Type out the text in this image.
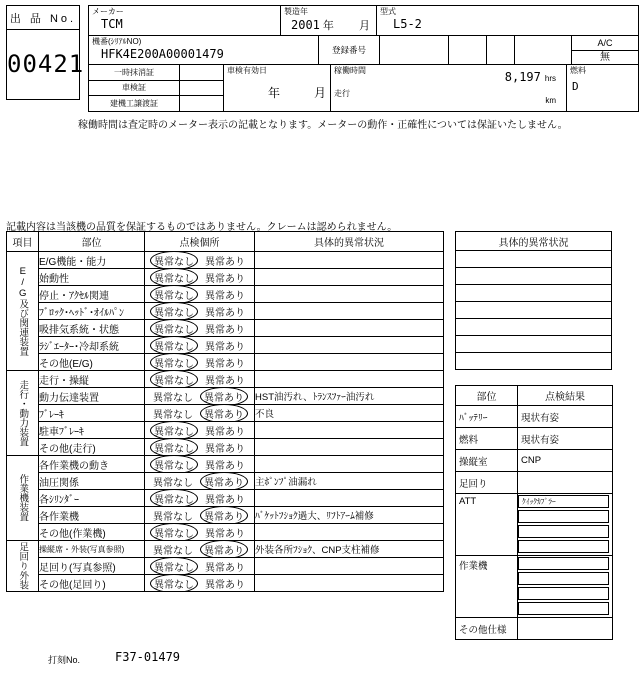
出 品 No.
00421
メーカー
TCM
製造年
2001 年 月
型式
L5-2
機番(ｼﾘｱﾙNO)
HFK4E200A00001479	登録番号
A/C
無
一時抹消証	
車検証	
建機工譲渡証	
車検有効日
年	月
稼働時間	8,197 hrs
走行
km
燃料
D
稼働時間は査定時のメーター表示の記載となります。メーターの動作・正確性については保証いたしません。
記載内容は当該機の品質を保証するものではありません。クレームは認められません。
項目	部位	点検個所	具体的異常状況
E/G及び関連装置	E/G機能・能力	異常なし 異常あり	

	始動性	異常なし 異常あり	

	停止・ｱｸｾﾙ関連	異常なし 異常あり	

	ﾌﾞﾛｯｸ･ﾍｯﾄﾞ･ｵｲﾙﾊﾟﾝ	異常なし 異常あり	

	吸排気系統・状態	異常なし 異常あり	

	ﾗｼﾞｴｰﾀｰ･冷却系統	異常なし 異常あり	

	その他(E/G)	異常なし 異常あり	

走行・動力装置	走行・操縦	異常なし 異常あり	

	動力伝達装置	異常なし 異常あり	HST油汚れ、ﾄﾗﾝｽﾌｧｰ油汚れ
	ﾌﾞﾚｰｷ	異常なし 異常あり	不良
	駐車ﾌﾞﾚｰｷ	異常なし 異常あり	

	その他(走行)	異常なし 異常あり	

作業機装置	各作業機の動き	異常なし 異常あり	

	油圧関係	異常なし 異常あり	主ﾎﾟﾝﾌﾟ油漏れ
	各ｼﾘﾝﾀﾞｰ	異常なし 異常あり	

	各作業機	異常なし 異常あり	ﾊﾞｹｯﾄﾌｼｮｸ過大、ﾘﾌﾄｱｰﾑ補修
	その他(作業機)	異常なし 異常あり	

足回り外装	操縦席・外装(写真参照)	異常なし 異常あり	外装各所ﾌｼｮｸ、CNP支柱補修
	足回り(写真参照)	異常なし 異常あり	

	その他(足回り)	異常なし 異常あり	

具体的異常状況

部位	点検結果
ﾊﾞｯﾃﾘｰ	現状有姿
燃料	現状有姿
操縦室	CNP
足回り	
ATT	ｸｲｯｸｶﾌﾟﾗｰ

作業機	

その他仕様	
打刻No.	F37-01479
